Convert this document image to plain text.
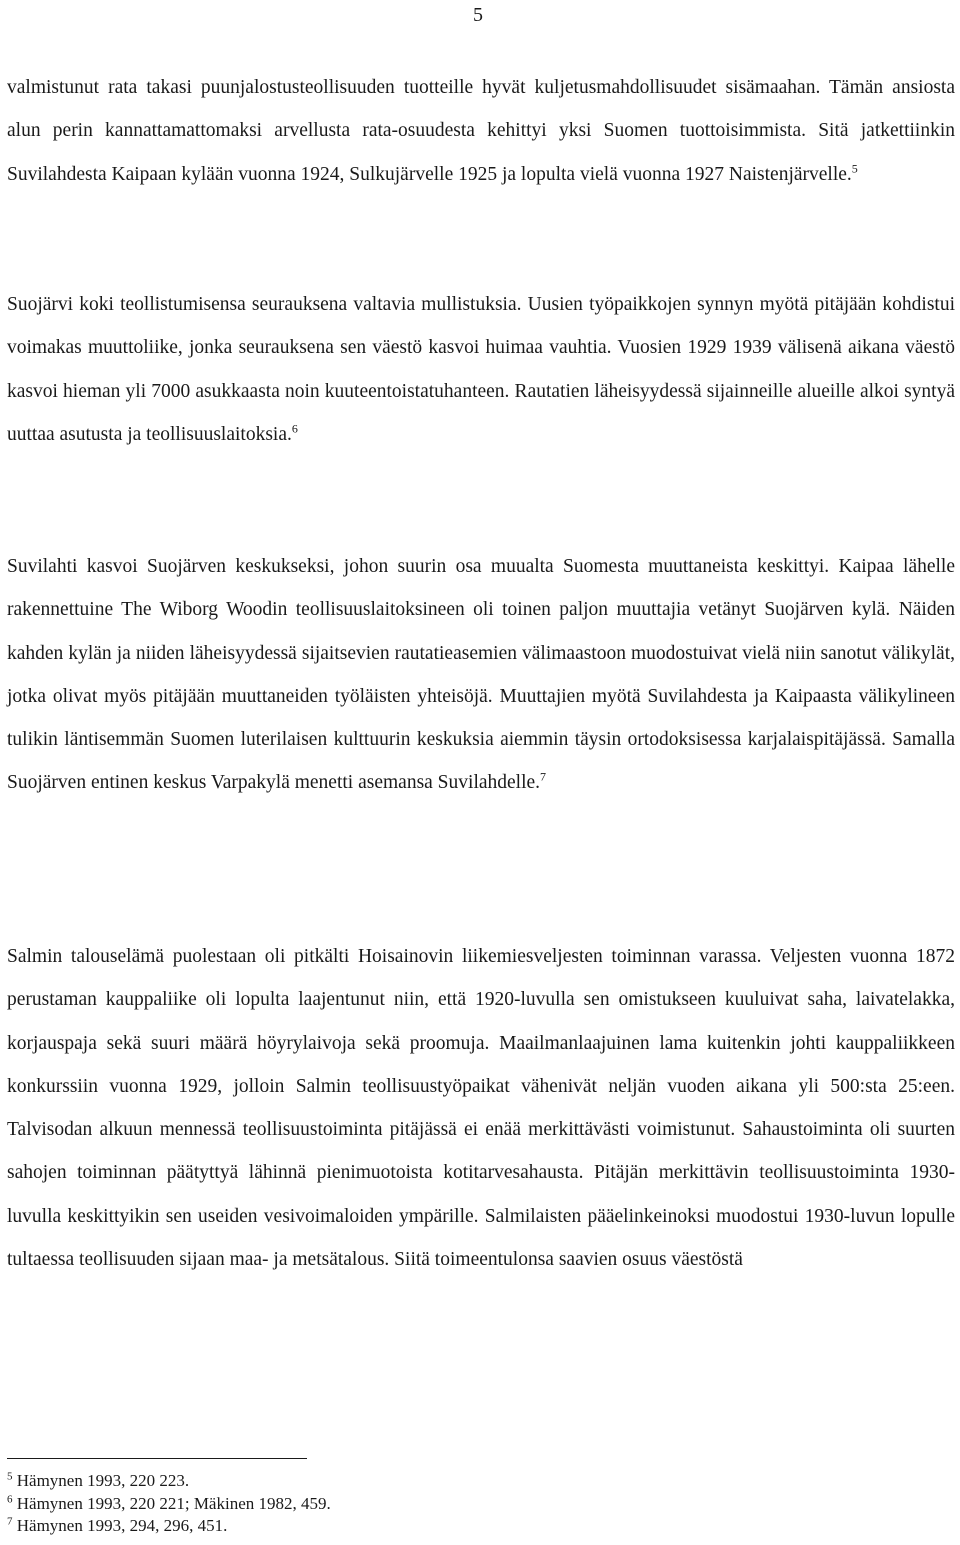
5

valmistunut rata takasi puunjalostusteollisuuden tuotteille hyvät kuljetusmahdollisuudet sisämaahan. Tämän ansiosta alun perin kannattamattomaksi arvellusta rata-osuudesta kehittyi yksi Suomen tuottoisimmista. Sitä jatkettiinkin Suvilahdesta Kaipaan kylään vuonna 1924, Sulkujärvelle 1925 ja lopulta vielä vuonna 1927 Naistenjärvelle.$^5$

Suojärvi koki teollistumisensa seurauksena valtavia mullistuksia. Uusien työpaikkojen synnyn myötä pitäjään kohdistui voimakas muuttoliike, jonka seurauksena sen väestö kasvoi huimaa vauhtia. Vuosien 1929 1939 välisenä aikana väestö kasvoi hieman yli 7000 asukkaasta noin kuuteentoistatuhanteen. Rautatien läheisyydessä sijainneille alueille alkoi syntyä uuttaa asutusta ja teollisuuslaitoksia.$^6$

Suvilahti kasvoi Suojärven keskukseksi, johon suurin osa muualta Suomesta muuttaneista keskittyi. Kaipaa lähelle rakennettuine The Wiborg Woodin teollisuuslaitoksineen oli toinen paljon muuttajia vetänyt Suojärven kylä. Näiden kahden kylän ja niiden läheisyydessä sijaitsevien rautatieasemien välimaastoon muodostuivat vielä niin sanotut välikylät, jotka olivat myös pitäjään muuttaneiden työläisten yhteisöjä. Muuttajien myötä Suvilahdesta ja Kaipaasta välikylineen tulikin läntisemmän Suomen luterilaisen kulttuurin keskuksia aiemmin täysin ortodoksisessa karjalaispitäjässä. Samalla Suojärven entinen keskus Varpakylä menetti asemansa Suvilahdelle.$^7$

Salmin talouselämä puolestaan oli pitkälti Hoisainovin liikemiesveljesten toiminnan varassa. Veljesten vuonna 1872 perustaman kauppaliike oli lopulta laajentunut niin, että 1920-luvulla sen omistukseen kuuluivat saha, laivatelakka, korjauspaja sekä suuri määrä höyrylaivoja sekä proomuja. Maailmanlaajuinen lama kuitenkin johti kauppaliikkeen konkurssiin vuonna 1929, jolloin Salmin teollisuustyöpaikat vähenivät neljän vuoden aikana yli 500:sta 25:een. Talvisodan alkuun mennessä teollisuustoiminta pitäjässä ei enää merkittävästi voimistunut. Sahaustoiminta oli suurten sahojen toiminnan päätyttyä lähinnä pienimuotoista kotitarvesahausta. Pitäjän merkittävin teollisuustoiminta 1930-luvulla keskittyikin sen useiden vesivoimaloiden ympärille. Salmilaisten pääelinkeinoksi muodostui 1930-luvun lopulle tultaessa teollisuuden sijaan maa- ja metsätalous. Siitä toimeentulonsa saavien osuus väestöstä

$^5$ Hämynen 1993, 220 223.
$^6$ Hämynen 1993, 220 221; Mäkinen 1982, 459.
$^7$ Hämynen 1993, 294, 296, 451.
